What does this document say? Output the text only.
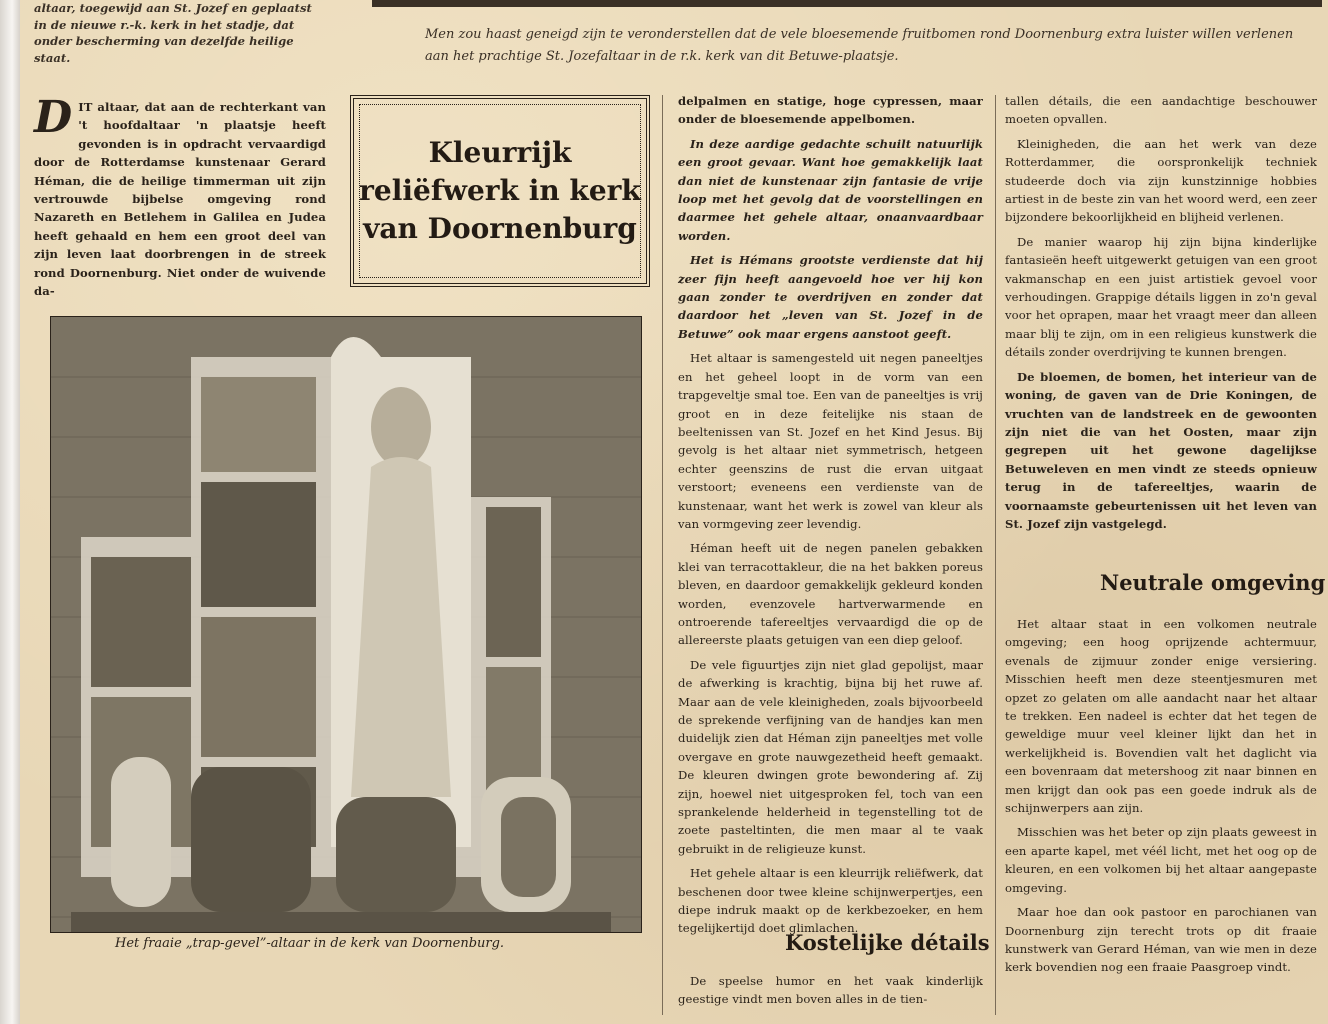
altaar, toegewijd aan St. Jozef en geplaatst
in de nieuwe r.-k. kerk in het stadje, dat
onder bescherming van dezelfde heilige
staat.
Men zou haast geneigd zijn te veronderstellen dat de vele bloesemende fruitbomen rond Doornenburg extra luister willen verlenen aan het prachtige St. Jozefaltaar in de r.k. kerk van dit Betuwe-plaatsje.

DIT altaar, dat aan de rechterkant van 't hoofdaltaar 'n plaatsje heeft gevonden is in opdracht vervaardigd door de Rotterdamse kunstenaar Gerard Héman, die de heilige timmerman uit zijn vertrouwde bijbelse omgeving rond Nazareth en Betlehem in Galilea en Judea heeft gehaald en hem een groot deel van zijn leven laat doorbrengen in de streek rond Doornenburg. Niet onder de wuivende da-

Kleurrijk
reliëfwerk in kerk
van Doornenburg
Het fraaie „trap-gevel”-altaar in de kerk van Doornenburg.

delpalmen en statige, hoge cypressen, maar onder de bloesemende appelbomen.

In deze aardige gedachte schuilt natuurlijk een groot gevaar. Want hoe gemakkelijk laat dan niet de kunstenaar zijn fantasie de vrije loop met het gevolg dat de voorstellingen en daarmee het gehele altaar, onaanvaardbaar worden.

Het is Hémans grootste verdienste dat hij zeer fijn heeft aangevoeld hoe ver hij kon gaan zonder te overdrijven en zonder dat daardoor het „leven van St. Jozef in de Betuwe” ook maar ergens aanstoot geeft.

Het altaar is samengesteld uit negen paneeltjes en het geheel loopt in de vorm van een trapgeveltje smal toe. Een van de paneeltjes is vrij groot en in deze feitelijke nis staan de beeltenissen van St. Jozef en het Kind Jesus. Bij gevolg is het altaar niet symmetrisch, hetgeen echter geenszins de rust die ervan uitgaat verstoort; eveneens een verdienste van de kunstenaar, want het werk is zowel van kleur als van vormgeving zeer levendig.

Héman heeft uit de negen panelen gebakken klei van terracottakleur, die na het bakken poreus bleven, en daardoor gemakkelijk gekleurd konden worden, evenzovele hartverwarmende en ontroerende tafereeltjes vervaardigd die op de allereerste plaats getuigen van een diep geloof.

De vele figuurtjes zijn niet glad gepolijst, maar de afwerking is krachtig, bijna bij het ruwe af. Maar aan de vele kleinigheden, zoals bijvoorbeeld de sprekende verfijning van de handjes kan men duidelijk zien dat Héman zijn paneeltjes met volle overgave en grote nauwgezetheid heeft gemaakt. De kleuren dwingen grote bewondering af. Zij zijn, hoewel niet uitgesproken fel, toch van een sprankelende helderheid in tegenstelling tot de zoete pasteltinten, die men maar al te vaak gebruikt in de religieuze kunst.

Het gehele altaar is een kleurrijk reliëfwerk, dat beschenen door twee kleine schijnwerpertjes, een diepe indruk maakt op de kerkbezoeker, en hem tegelijkertijd doet glimlachen.

Kostelijke détails

De speelse humor en het vaak kinderlijk geestige vindt men boven alles in de tien-

tallen détails, die een aandachtige beschouwer moeten opvallen.

Kleinigheden, die aan het werk van deze Rotterdammer, die oorspronkelijk techniek studeerde doch via zijn kunstzinnige hobbies artiest in de beste zin van het woord werd, een zeer bijzondere bekoorlijkheid en blijheid verlenen.

De manier waarop hij zijn bijna kinderlijke fantasieën heeft uitgewerkt getuigen van een groot vakmanschap en een juist artistiek gevoel voor verhoudingen. Grappige détails liggen in zo'n geval voor het oprapen, maar het vraagt meer dan alleen maar blij te zijn, om in een religieus kunstwerk die détails zonder overdrijving te kunnen brengen.

De bloemen, de bomen, het interieur van de woning, de gaven van de Drie Koningen, de vruchten van de landstreek en de gewoonten zijn niet die van het Oosten, maar zijn gegrepen uit het gewone dagelijkse Betuweleven en men vindt ze steeds opnieuw terug in de tafereeltjes, waarin de voornaamste gebeurtenissen uit het leven van St. Jozef zijn vastgelegd.

Neutrale omgeving

Het altaar staat in een volkomen neutrale omgeving; een hoog oprijzende achtermuur, evenals de zijmuur zonder enige versiering. Misschien heeft men deze steentjesmuren met opzet zo gelaten om alle aandacht naar het altaar te trekken. Een nadeel is echter dat het tegen de geweldige muur veel kleiner lijkt dan het in werkelijkheid is. Bovendien valt het daglicht via een bovenraam dat metershoog zit naar binnen en men krijgt dan ook pas een goede indruk als de schijnwerpers aan zijn.

Misschien was het beter op zijn plaats geweest in een aparte kapel, met véél licht, met het oog op de kleuren, en een volkomen bij het altaar aangepaste omgeving.

Maar hoe dan ook pastoor en parochianen van Doornenburg zijn terecht trots op dit fraaie kunstwerk van Gerard Héman, van wie men in deze kerk bovendien nog een fraaie Paasgroep vindt.
